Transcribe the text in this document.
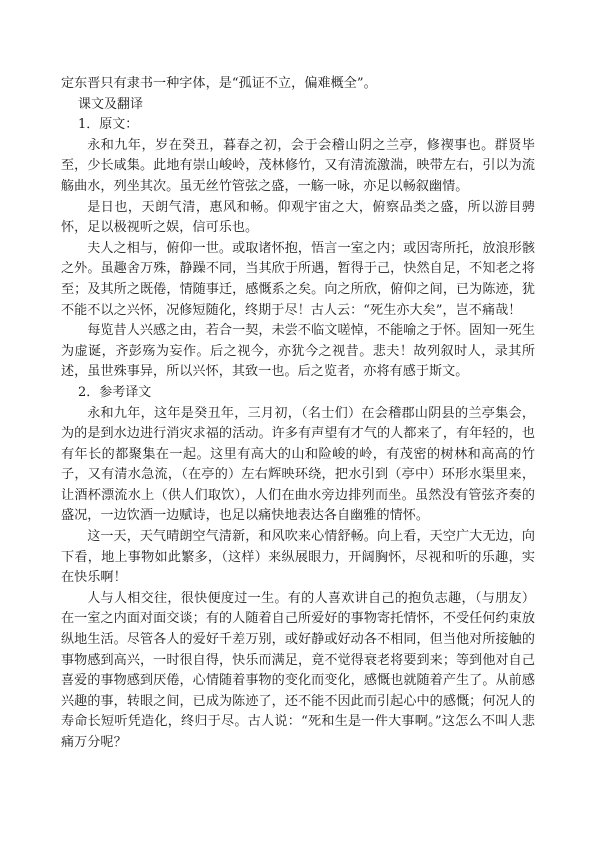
定东晋只有隶书一种字体，是“孤证不立，偏难概全”。

课文及翻译

1．原文：

永和九年，岁在癸丑，暮春之初，会于会稽山阴之兰亭，修禊事也。群贤毕至，少长咸集。此地有崇山峻岭，茂林修竹，又有清流激湍，映带左右，引以为流觞曲水，列坐其次。虽无丝竹管弦之盛，一觞一咏，亦足以畅叙幽情。

是日也，天朗气清，惠风和畅。仰观宇宙之大，俯察品类之盛，所以游目骋怀，足以极视听之娱，信可乐也。

夫人之相与，俯仰一世。或取诸怀抱，悟言一室之内；或因寄所托，放浪形骸之外。虽趣舍万殊，静躁不同，当其欣于所遇，暂得于己，快然自足，不知老之将至；及其所之既倦，情随事迁，感慨系之矣。向之所欣，俯仰之间，已为陈迹，犹不能不以之兴怀，况修短随化，终期于尽！古人云：“死生亦大矣”，岂不痛哉！

每览昔人兴感之由，若合一契，未尝不临文嗟悼，不能喻之于怀。固知一死生为虚诞，齐彭殇为妄作。后之视今，亦犹今之视昔。悲夫！故列叙时人，录其所述，虽世殊事异，所以兴怀，其致一也。后之览者，亦将有感于斯文。

2．参考译文

永和九年，这年是癸丑年，三月初，（名士们）在会稽郡山阴县的兰亭集会，为的是到水边进行消灾求福的活动。许多有声望有才气的人都来了，有年轻的，也有年长的都聚集在一起。这里有高大的山和险峻的岭，有茂密的树林和高高的竹子，又有清水急流，（在亭的）左右辉映环绕，把水引到（亭中）环形水渠里来，让酒杯漂流水上（供人们取饮），人们在曲水旁边排列而坐。虽然没有管弦齐奏的盛况，一边饮酒一边赋诗，也足以痛快地表达各自幽雅的情怀。

这一天，天气晴朗空气清新，和风吹来心情舒畅。向上看，天空广大无边，向下看，地上事物如此繁多，（这样）来纵展眼力，开阔胸怀，尽视和听的乐趣，实在快乐啊！

人与人相交往，很快便度过一生。有的人喜欢讲自己的抱负志趣，（与朋友）在一室之内面对面交谈；有的人随着自己所爱好的事物寄托情怀，不受任何约束放纵地生活。尽管各人的爱好千差万别，或好静或好动各不相同，但当他对所接触的事物感到高兴，一时很自得，快乐而满足，竟不觉得衰老将要到来；等到他对自己喜爱的事物感到厌倦，心情随着事物的变化而变化，感慨也就随着产生了。从前感兴趣的事，转眼之间，已成为陈迹了，还不能不因此而引起心中的感慨；何况人的寿命长短听凭造化，终归于尽。古人说：“死和生是一件大事啊。”这怎么不叫人悲痛万分呢？
